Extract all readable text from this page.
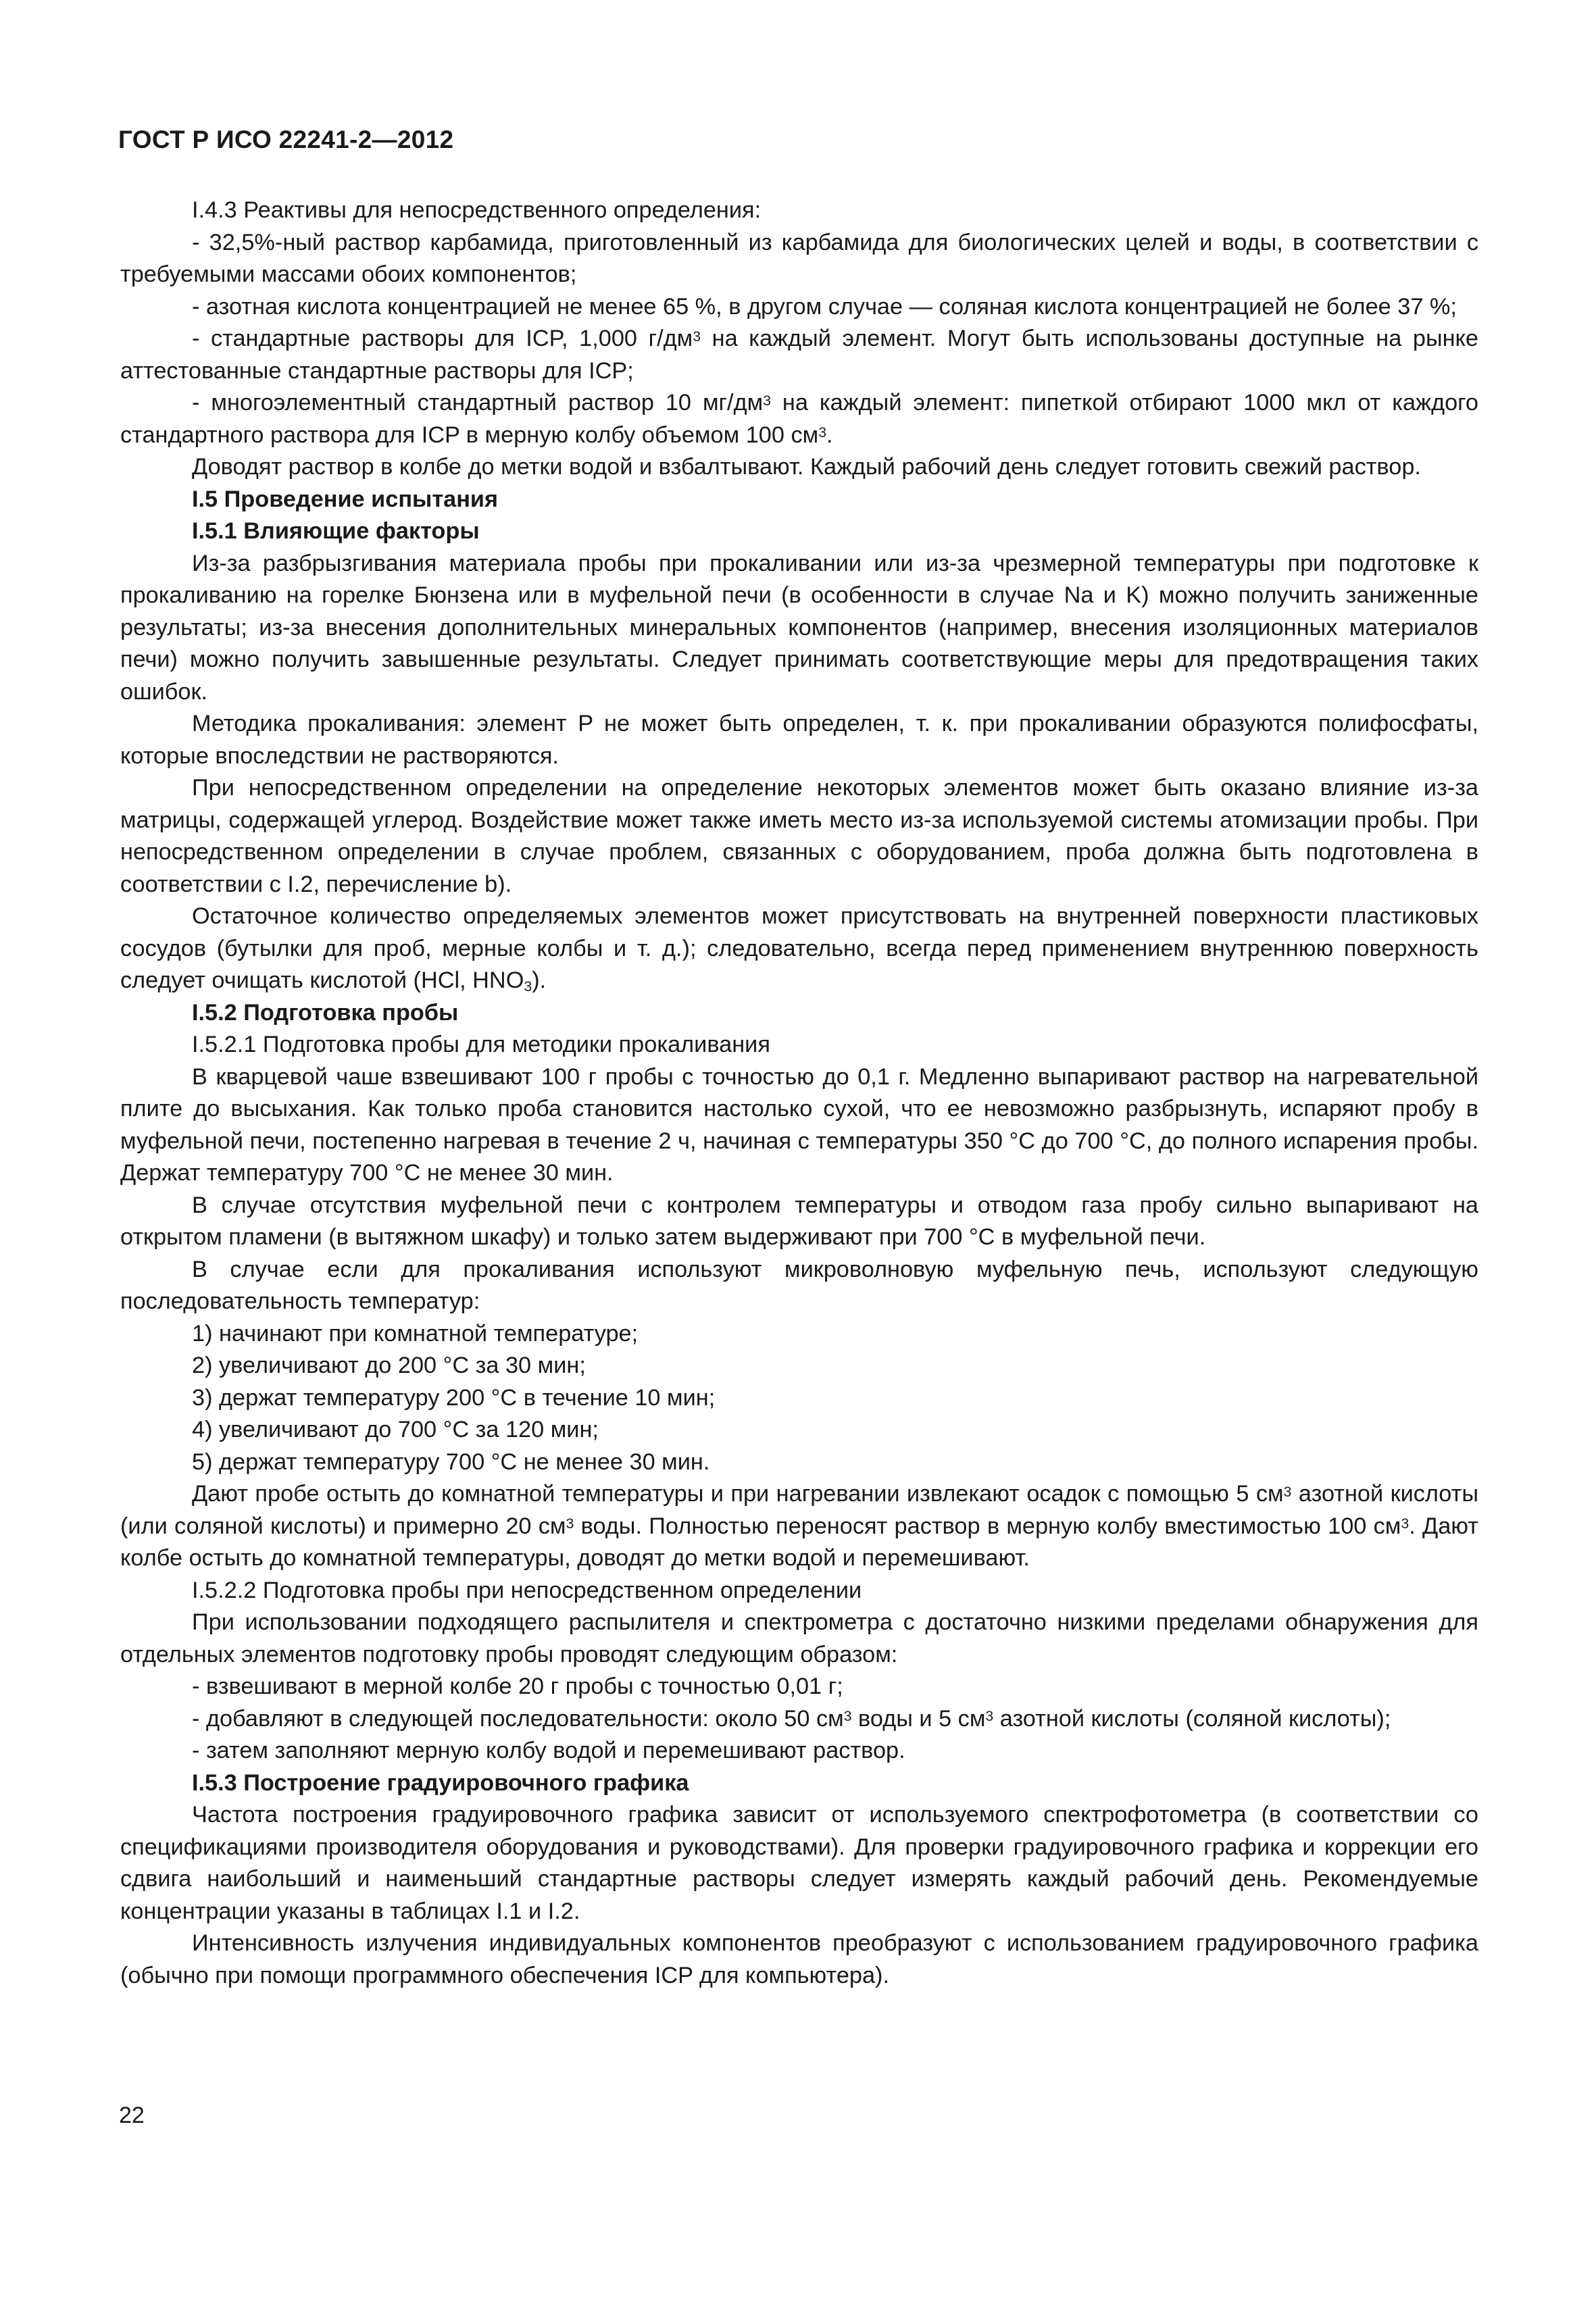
ГОСТ Р ИСО 22241-2—2012

I.4.3 Реактивы для непосредственного определения:

- 32,5%-ный раствор карбамида, приготовленный из карбамида для биологических целей и воды, в соответствии с требуемыми массами обоих компонентов;

- азотная кислота концентрацией не менее 65 %, в другом случае — соляная кислота концентрацией не более 37 %;

- стандартные растворы для ICP, 1,000 $г/дм^3$ на каждый элемент. Могут быть использованы доступные на рынке аттестованные стандартные растворы для ICP;

- многоэлементный стандартный раствор 10 $мг/дм^3$ на каждый элемент: пипеткой отбирают 1000 мкл от каждого стандартного раствора для ICP в мерную колбу объемом 100 $см^3$.

Доводят раствор в колбе до метки водой и взбалтывают. Каждый рабочий день следует готовить свежий раствор.

I.5 Проведение испытания

I.5.1 Влияющие факторы

Из-за разбрызгивания материала пробы при прокаливании или из-за чрезмерной температуры при подготовке к прокаливанию на горелке Бюнзена или в муфельной печи (в особенности в случае Na и K) можно получить заниженные результаты; из-за внесения дополнительных минеральных компонентов (например, внесения изоляционных материалов печи) можно получить завышенные результаты. Следует принимать соответствующие меры для предотвращения таких ошибок.

Методика прокаливания: элемент P не может быть определен, т. к. при прокаливании образуются полифосфаты, которые впоследствии не растворяются.

При непосредственном определении на определение некоторых элементов может быть оказано влияние из-за матрицы, содержащей углерод. Воздействие может также иметь место из-за используемой системы атомизации пробы. При непосредственном определении в случае проблем, связанных с оборудованием, проба должна быть подготовлена в соответствии с I.2, перечисление b).

Остаточное количество определяемых элементов может присутствовать на внутренней поверхности пластиковых сосудов (бутылки для проб, мерные колбы и т. д.); следовательно, всегда перед применением внутреннюю поверхность следует очищать кислотой (HCl, $HNO_3$).

I.5.2 Подготовка пробы

I.5.2.1 Подготовка пробы для методики прокаливания

В кварцевой чаше взвешивают 100 г пробы с точностью до 0,1 г. Медленно выпаривают раствор на нагревательной плите до высыхания. Как только проба становится настолько сухой, что ее невозможно разбрызнуть, испаряют пробу в муфельной печи, постепенно нагревая в течение 2 ч, начиная с температуры 350 °C до 700 °C, до полного испарения пробы. Держат температуру 700 °C не менее 30 мин.

В случае отсутствия муфельной печи с контролем температуры и отводом газа пробу сильно выпаривают на открытом пламени (в вытяжном шкафу) и только затем выдерживают при 700 °C в муфельной печи.

В случае если для прокаливания используют микроволновую муфельную печь, используют следующую последовательность температур:

1) начинают при комнатной температуре;

2) увеличивают до 200 °C за 30 мин;

3) держат температуру 200 °C в течение 10 мин;

4) увеличивают до 700 °C за 120 мин;

5) держат температуру 700 °C не менее 30 мин.

Дают пробе остыть до комнатной температуры и при нагревании извлекают осадок с помощью 5 $см^3$ азотной кислоты (или соляной кислоты) и примерно 20 $см^3$ воды. Полностью переносят раствор в мерную колбу вместимостью 100 $см^3$. Дают колбе остыть до комнатной температуры, доводят до метки водой и перемешивают.

I.5.2.2 Подготовка пробы при непосредственном определении

При использовании подходящего распылителя и спектрометра с достаточно низкими пределами обнаружения для отдельных элементов подготовку пробы проводят следующим образом:

- взвешивают в мерной колбе 20 г пробы с точностью 0,01 г;

- добавляют в следующей последовательности: около 50 $см^3$ воды и 5 $см^3$ азотной кислоты (соляной кислоты);

- затем заполняют мерную колбу водой и перемешивают раствор.

I.5.3 Построение градуировочного графика

Частота построения градуировочного графика зависит от используемого спектрофотометра (в соответствии со спецификациями производителя оборудования и руководствами). Для проверки градуировочного графика и коррекции его сдвига наибольший и наименьший стандартные растворы следует измерять каждый рабочий день. Рекомендуемые концентрации указаны в таблицах I.1 и I.2.

Интенсивность излучения индивидуальных компонентов преобразуют с использованием градуировочного графика (обычно при помощи программного обеспечения ICP для компьютера).

22
